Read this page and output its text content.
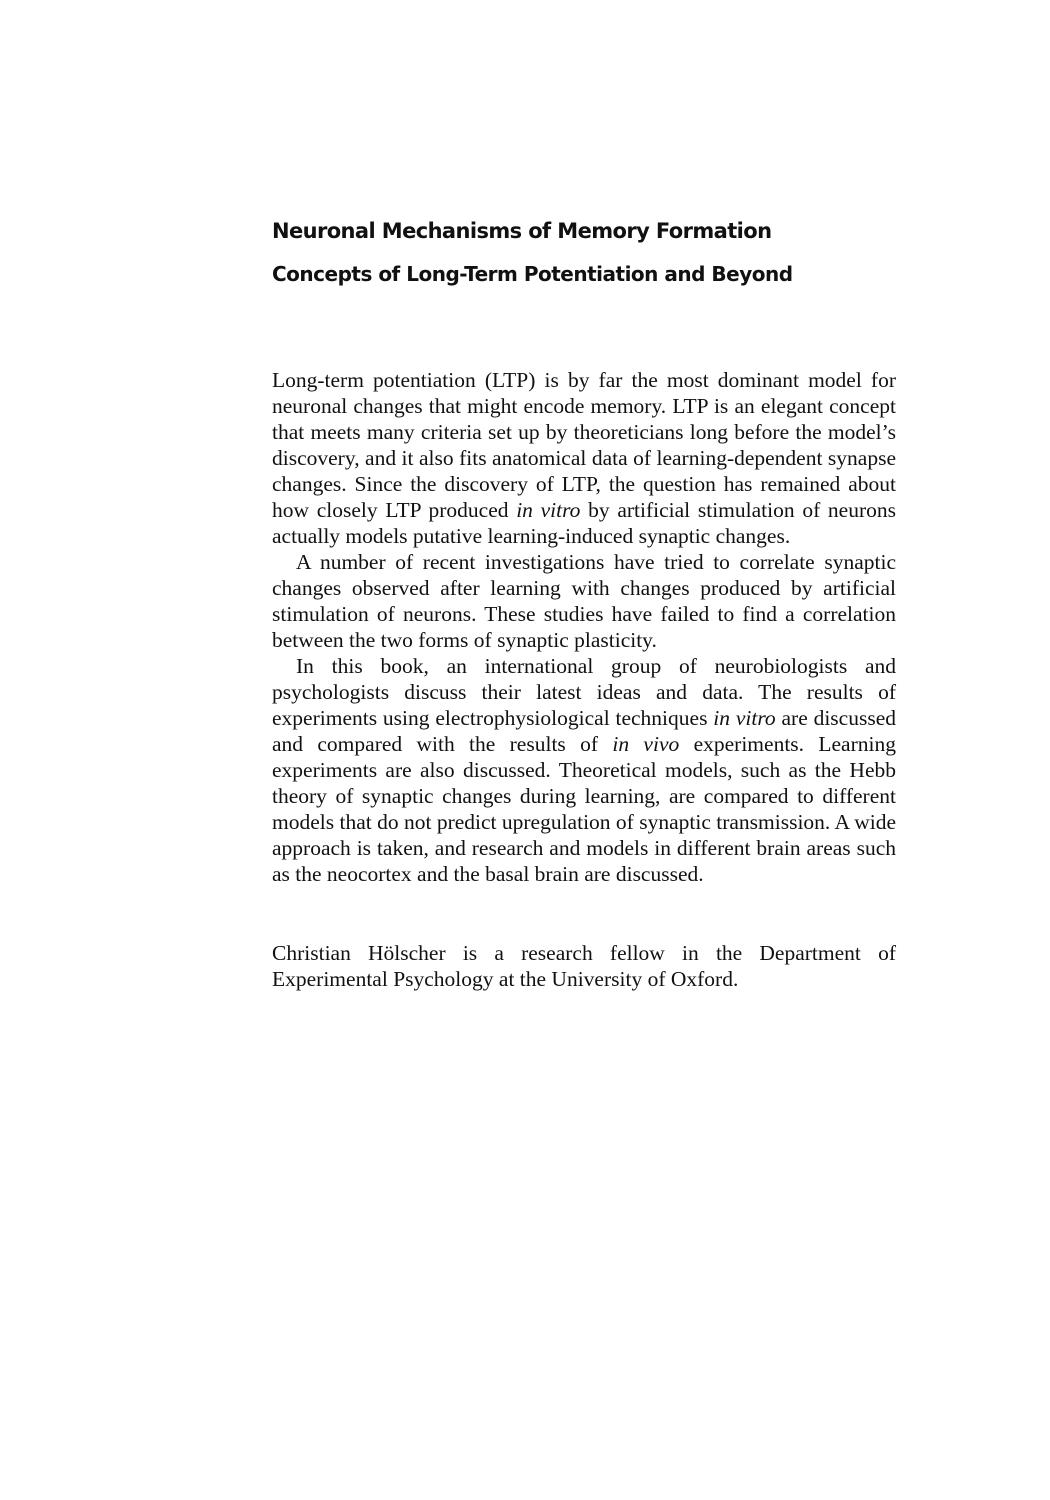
Neuronal Mechanisms of Memory Formation
Concepts of Long-Term Potentiation and Beyond

Long-term potentiation (LTP) is by far the most dominant model for neuronal changes that might encode memory. LTP is an elegant concept that meets many criteria set up by theoreticians long before the model’s discovery, and it also fits anatomical data of learning-dependent synapse changes. Since the discovery of LTP, the question has remained about how closely LTP produced in vitro by artificial stimulation of neurons actually models putative learning-induced synaptic changes.

A number of recent investigations have tried to correlate synaptic changes observed after learning with changes produced by artificial stimulation of neurons. These studies have failed to find a correlation between the two forms of synaptic plasticity.

In this book, an international group of neurobiologists and psychologists discuss their latest ideas and data. The results of experiments using electrophysiological techniques in vitro are discussed and compared with the results of in vivo experiments. Learning experiments are also discussed. Theoretical models, such as the Hebb theory of synaptic changes during learning, are compared to different models that do not predict upregulation of synaptic transmission. A wide approach is taken, and research and models in different brain areas such as the neocortex and the basal brain are discussed.

Christian Hölscher is a research fellow in the Department of Experimental Psychology at the University of Oxford.
